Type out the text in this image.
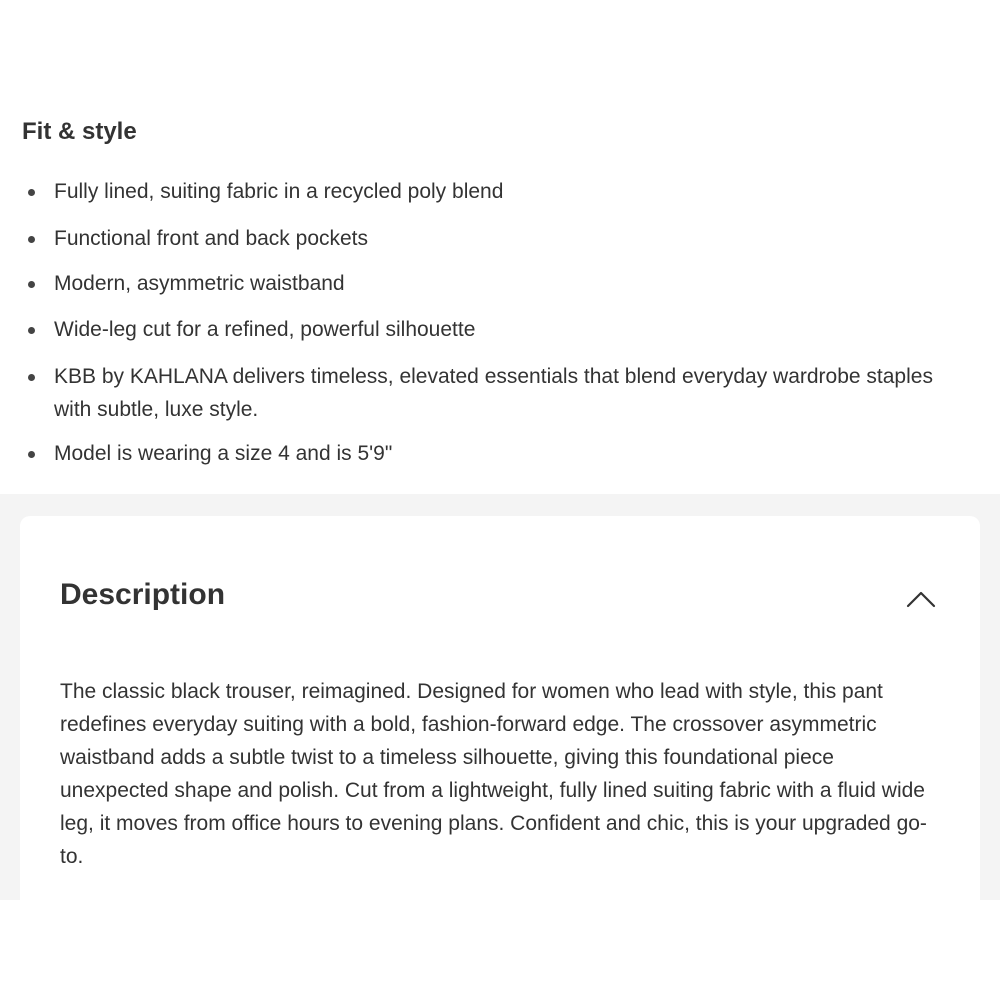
Fit & style
Fully lined, suiting fabric in a recycled poly blend
Functional front and back pockets
Modern, asymmetric waistband
Wide-leg cut for a refined, powerful silhouette
KBB by KAHLANA delivers timeless, elevated essentials that blend everyday wardrobe staples with subtle, luxe style.
Model is wearing a size 4 and is 5'9"
Description

The classic black trouser, reimagined. Designed for women who lead with style, this pant redefines everyday suiting with a bold, fashion-forward edge. The crossover asymmetric waistband adds a subtle twist to a timeless silhouette, giving this foundational piece unexpected shape and polish. Cut from a lightweight, fully lined suiting fabric with a fluid wide leg, it moves from office hours to evening plans. Confident and chic, this is your upgraded go-to.
